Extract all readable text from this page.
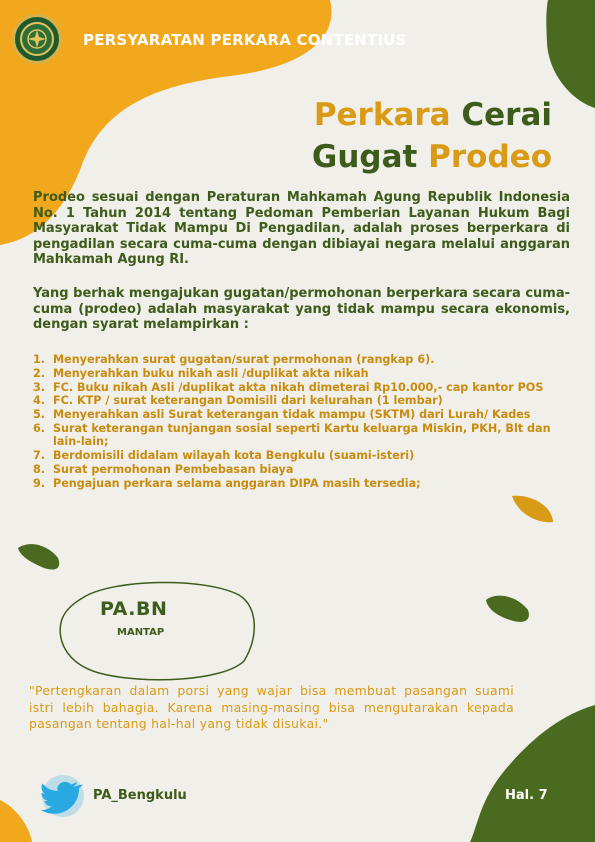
PERSYARATAN PERKARA CONTENTIUS
Perkara Cerai
Gugat Prodeo

Prodeo sesuai dengan Peraturan Mahkamah Agung Republik Indonesia No. 1 Tahun 2014 tentang Pedoman Pemberian Layanan Hukum Bagi Masyarakat Tidak Mampu Di Pengadilan, adalah proses berperkara di pengadilan secara cuma-cuma dengan dibiayai negara melalui anggaran Mahkamah Agung RI.

Yang berhak mengajukan gugatan/permohonan berperkara secara cuma-cuma (prodeo) adalah masyarakat yang tidak mampu secara ekonomis, dengan syarat melampirkan :

1. Menyerahkan surat gugatan/surat permohonan (rangkap 6).
2. Menyerahkan buku nikah asli /duplikat akta nikah
3. FC. Buku nikah Asli /duplikat akta nikah dimeterai Rp10.000,- cap kantor POS
4. FC. KTP / surat keterangan Domisili dari kelurahan (1 lembar)
5. Menyerahkan asli Surat keterangan tidak mampu (SKTM) dari Lurah/ Kades
6. Surat keterangan tunjangan sosial seperti Kartu keluarga Miskin, PKH, Blt dan lain-lain;
7. Berdomisili didalam wilayah kota Bengkulu (suami-isteri)
8. Surat permohonan Pembebasan biaya
9. Pengajuan perkara selama anggaran DIPA masih tersedia;
PA.BN
MANTAP

"Pertengkaran dalam porsi yang wajar bisa membuat pasangan suami istri lebih bahagia. Karena masing-masing bisa mengutarakan kepada pasangan tentang hal-hal yang tidak disukai."

PA_Bengkulu	Hal. 7
